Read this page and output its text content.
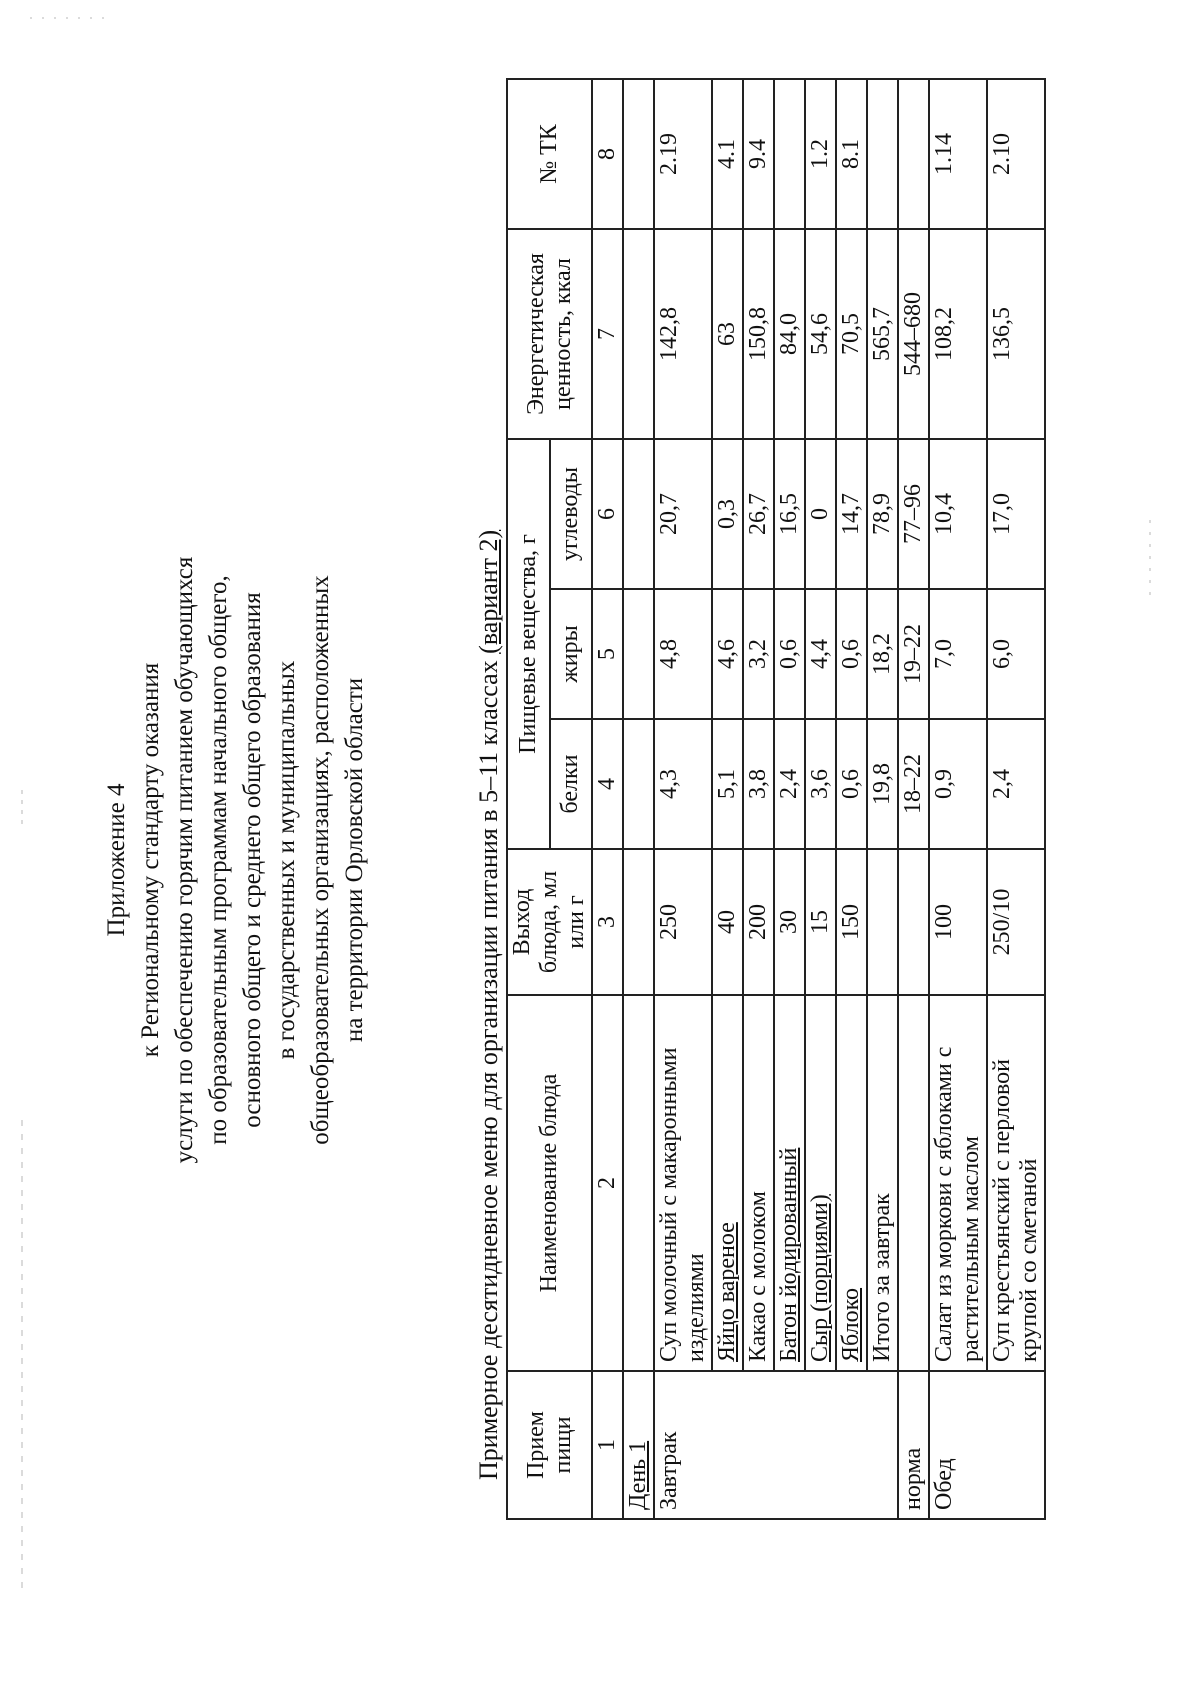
Приложение 4 к Региональному стандарту оказания услуги по обеспечению горячим питанием обучающихся по образовательным программам начального общего, основного общего и среднего общего образования в государственных и муниципальных общеобразовательных организациях, расположенных на территории Орловской области	Примерное десятидневное меню для организации питания в 5–11 классах (вариант 2)
Прием пищи	Наименование блюда	Выход блюда, мл или г	Пищевые вещества, г			Энергетическая ценность, ккал	№ ТК
			белки	жиры	углеводы		
1	2	3	4	5	6	7	8
День 1							
Завтрак	Суп молочный с макаронными изделиями	250	4,3	4,8	20,7	142,8	2.19
	Яйцо вареное	40	5,1	4,6	0,3	63	4.1
	Какао с молоком	200	3,8	3,2	26,7	150,8	9.4
	Батон йодированный	30	2,4	0,6	16,5	84,0	
	Сыр (порциями)	15	3,6	4,4	0	54,6	1.2
	Яблоко	150	0,6	0,6	14,7	70,5	8.1
	Итого за завтрак		19,8	18,2	78,9	565,7	
норма			18–22	19–22	77–96	544–680	
Обед	Салат из моркови с яблоками с растительным маслом	100	0,9	7,0	10,4	108,2	1.14
	Суп крестьянский с перловой крупой со сметаной	250/10	2,4	6,0	17,0	136,5	2.10
